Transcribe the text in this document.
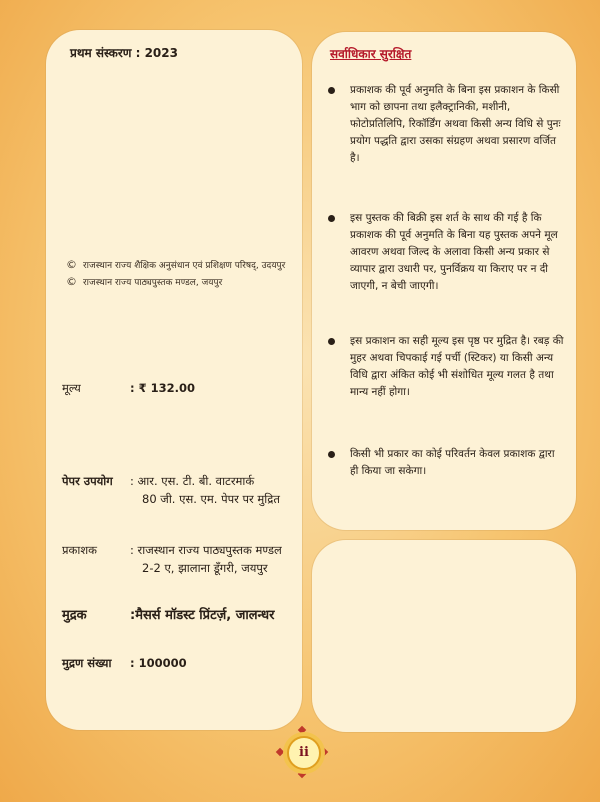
प्रथम संस्करण : 2023
© राजस्थान राज्य शैक्षिक अनुसंधान एवं प्रशिक्षण परिषद्, उदयपुर
© राजस्थान राज्य पाठ्यपुस्तक मण्डल, जयपुर
मूल्य	: ₹ 132.00
पेपर उपयोग : आर. एस. टी. बी. वाटरमार्क
80 जी. एस. एम. पेपर पर मुद्रित
प्रकाशक	: राजस्थान राज्य पाठ्यपुस्तक मण्डल
2-2 ए, झालाना डूँगरी, जयपुर
मुद्रक	:मैसर्स मॉडस्ट प्रिंटर्ज़, जालन्धर
मुद्रण संख्या : 100000
सर्वाधिकार सुरक्षित
प्रकाशक की पूर्व अनुमति के बिना इस प्रकाशन के किसी भाग को छापना तथा इलैक्ट्रानिकी, मशीनी, फोटोप्रतिलिपि, रिकॉर्डिंग अथवा किसी अन्य विधि से पुनः प्रयोग पद्धति द्वारा उसका संग्रहण अथवा प्रसारण वर्जित है।
इस पुस्तक की बिक्री इस शर्त के साथ की गई है कि प्रकाशक की पूर्व अनुमति के बिना यह पुस्तक अपने मूल आवरण अथवा जिल्द के अलावा किसी अन्य प्रकार से व्यापार द्वारा उधारी पर, पुनर्विक्रय या किराए पर न दी जाएगी, न बेची जाएगी।
इस प्रकाशन का सही मूल्य इस पृष्ठ पर मुद्रित है। रबड़ की मुहर अथवा चिपकाई गई पर्ची (स्टिकर) या किसी अन्य विधि द्वारा अंकित कोई भी संशोधित मूल्य गलत है तथा मान्य नहीं होगा।
किसी भी प्रकार का कोई परिवर्तन केवल प्रकाशक द्वारा ही किया जा सकेगा।
ii
